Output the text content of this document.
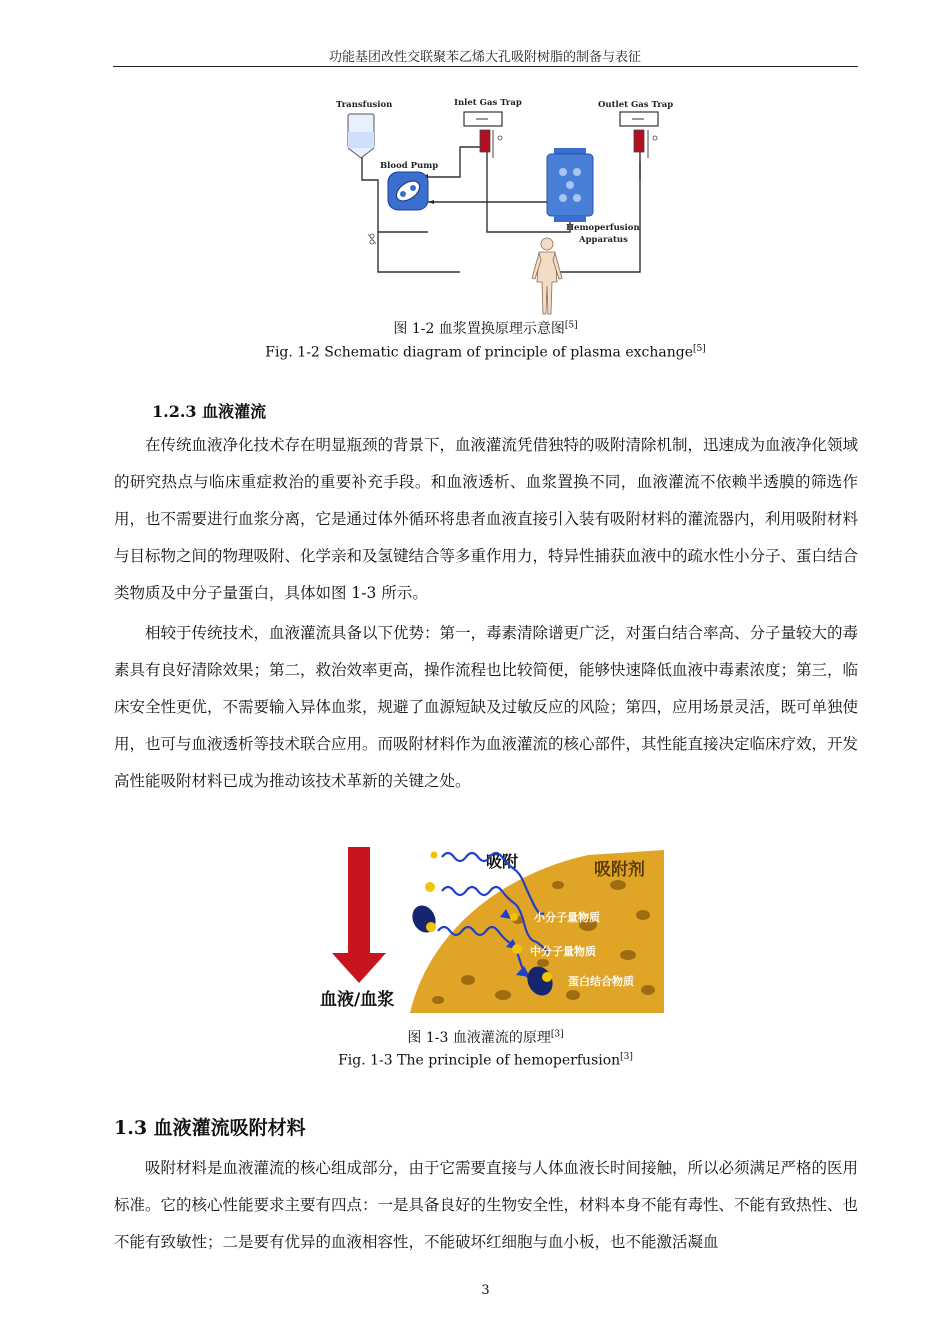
功能基团改性交联聚苯乙烯大孔吸附树脂的制备与表征
Transfusion
Blood Pump
Inlet Gas Trap	Outlet Gas Trap
Hemoperfusion
Apparatus
图 1-2 血浆置换原理示意图[5]
Fig. 1-2 Schematic diagram of principle of plasma exchange[5]
1.2.3 血液灌流
在传统血液净化技术存在明显瓶颈的背景下，血液灌流凭借独特的吸附清除机制，迅速成为血液净化领域的研究热点与临床重症救治的重要补充手段。和血液透析、血浆置换不同，血液灌流不依赖半透膜的筛选作用，也不需要进行血浆分离，它是通过体外循环将患者血液直接引入装有吸附材料的灌流器内，利用吸附材料与目标物之间的物理吸附、化学亲和及氢键结合等多重作用力，特异性捕获血液中的疏水性小分子、蛋白结合类物质及中分子量蛋白，具体如图 1-3 所示。
相较于传统技术，血液灌流具备以下优势：第一，毒素清除谱更广泛，对蛋白结合率高、分子量较大的毒素具有良好清除效果；第二，救治效率更高，操作流程也比较简便，能够快速降低血液中毒素浓度；第三，临床安全性更优，不需要输入异体血浆，规避了血源短缺及过敏反应的风险；第四，应用场景灵活，既可单独使用，也可与血液透析等技术联合应用。而吸附材料作为血液灌流的核心部件，其性能直接决定临床疗效，开发高性能吸附材料已成为推动该技术革新的关键之处。
吸附剂
血液/血浆
吸附
小分子量物质
中分子量物质
蛋白结合物质
图 1-3 血液灌流的原理[3]
Fig. 1-3 The principle of hemoperfusion[3]
1.3 血液灌流吸附材料
吸附材料是血液灌流的核心组成部分，由于它需要直接与人体血液长时间接触，所以必须满足严格的医用标准。它的核心性能要求主要有四点：一是具备良好的生物安全性，材料本身不能有毒性、不能有致热性、也不能有致敏性；二是要有优异的血液相容性，不能破坏红细胞与血小板，也不能激活凝血
3
